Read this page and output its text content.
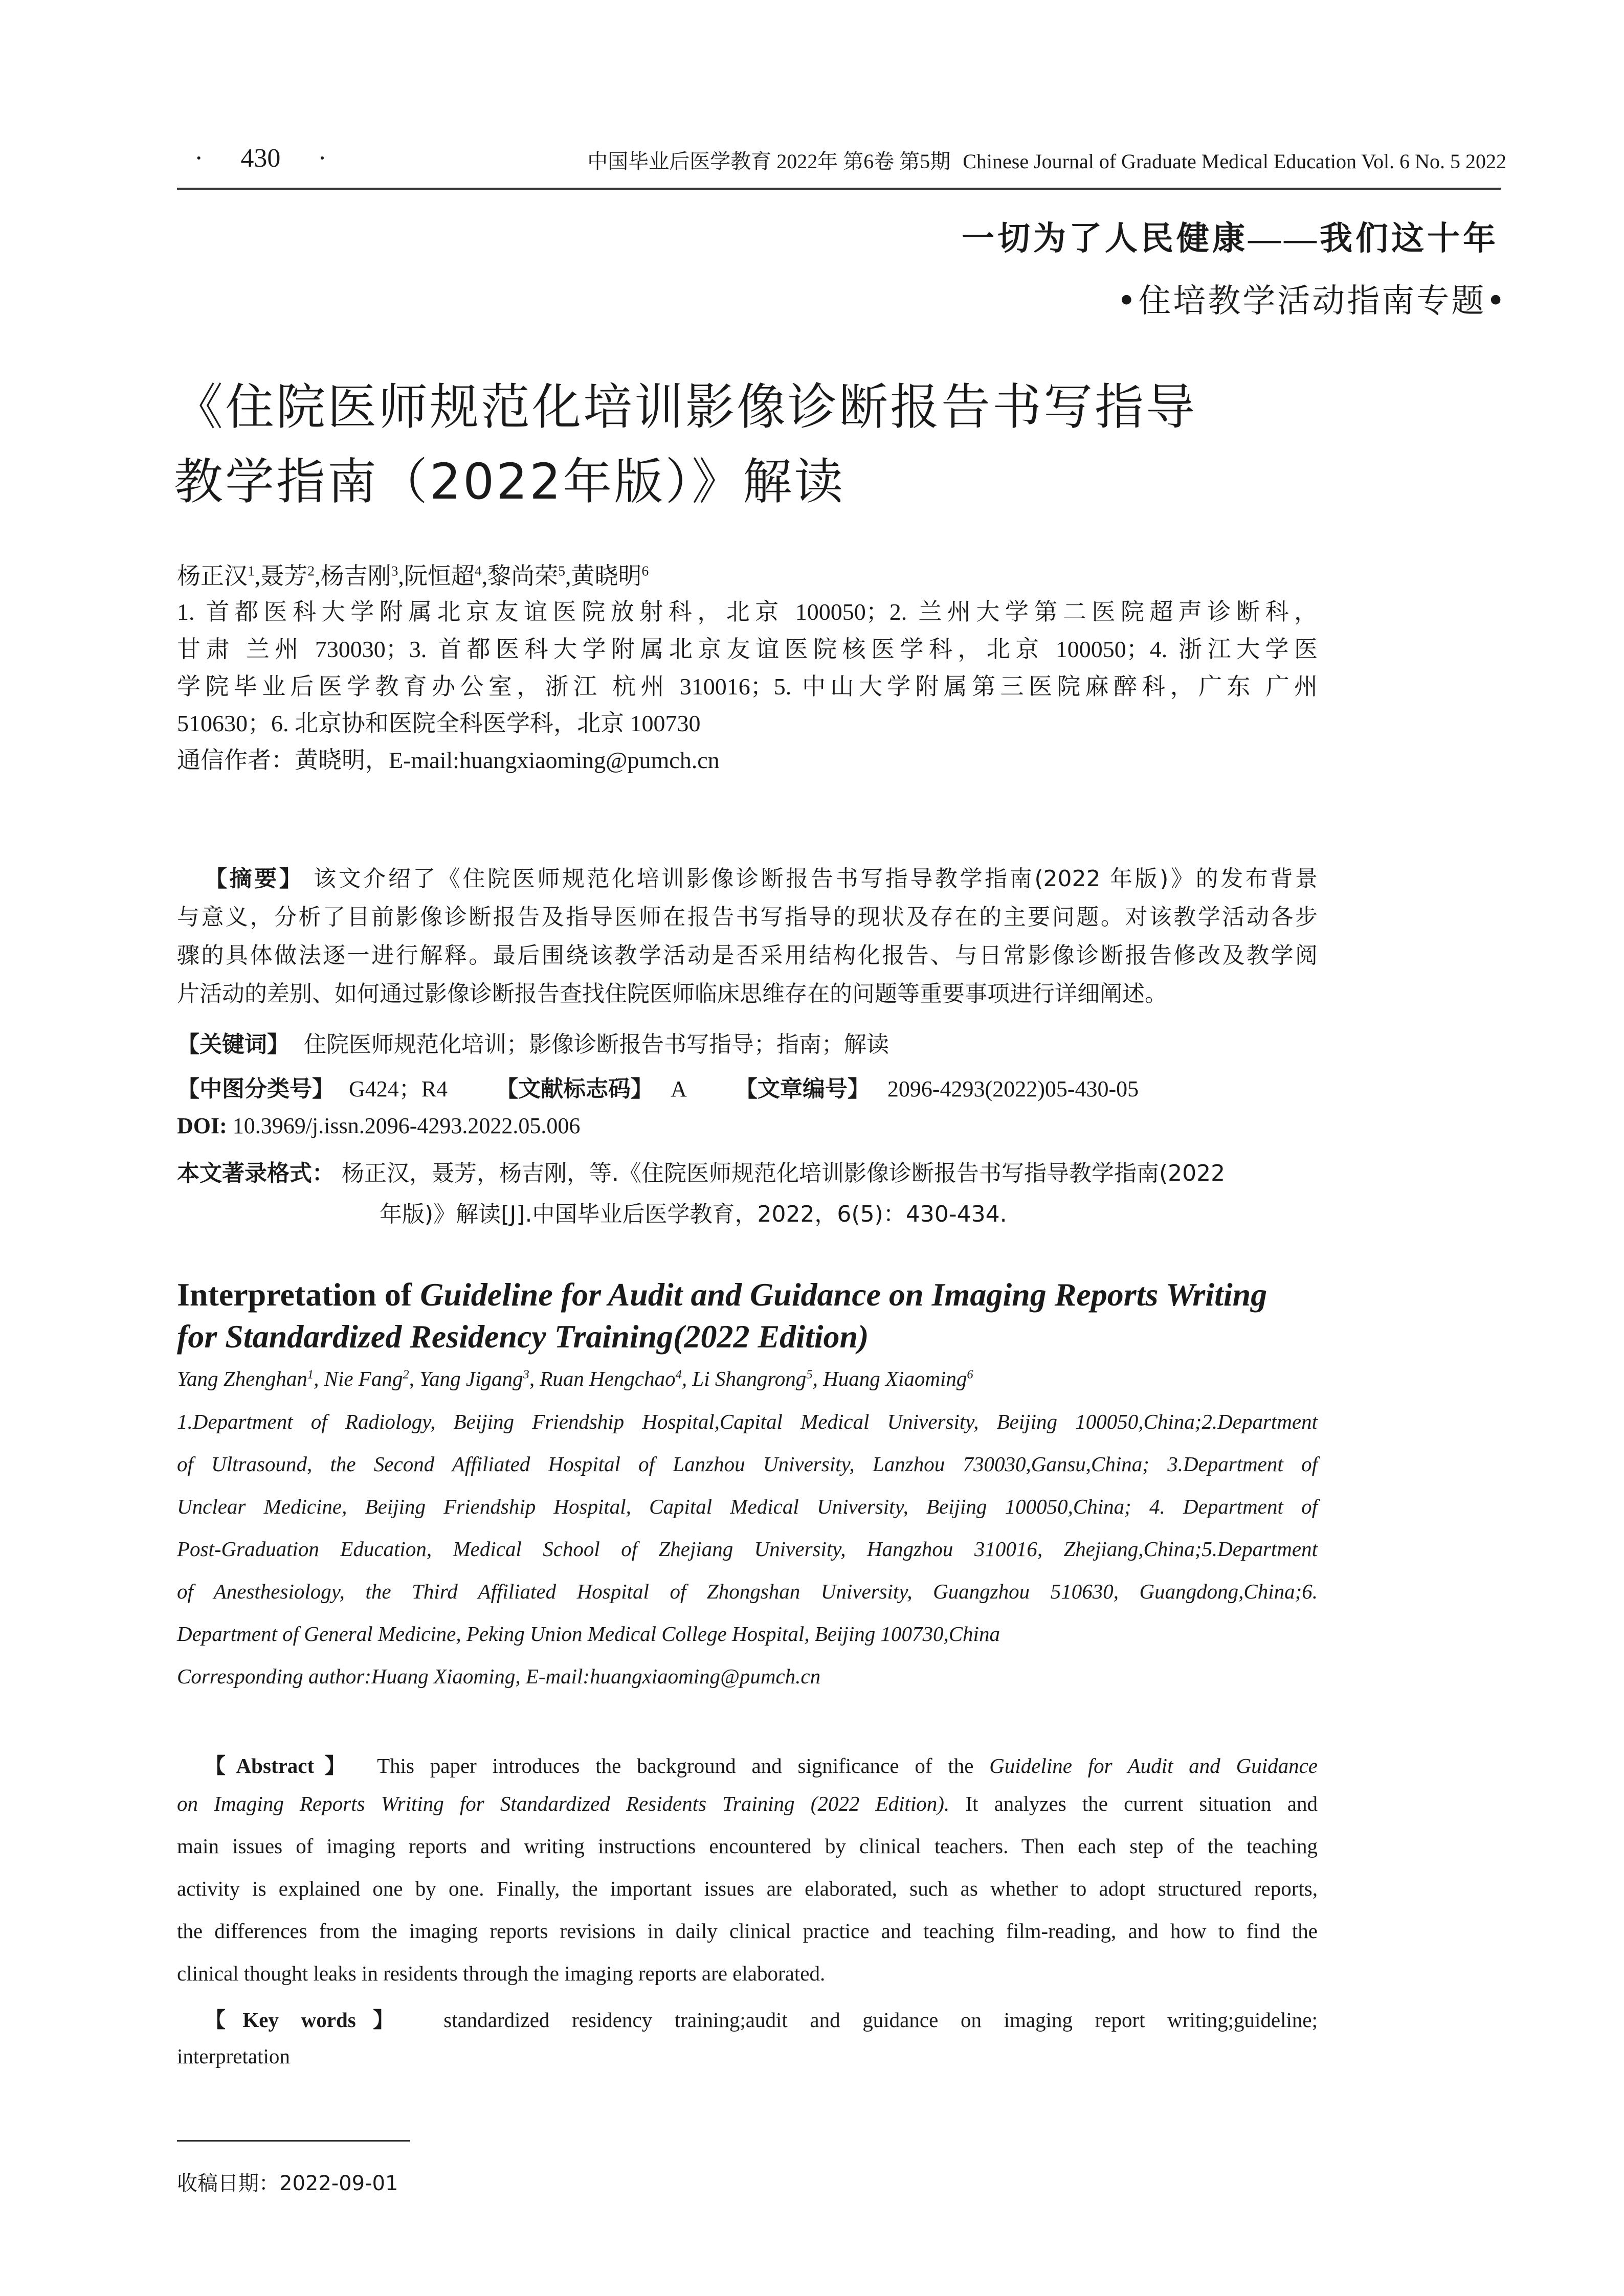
· 430 ·	中国毕业后医学教育 2022年 第6卷 第5期 Chinese Journal of Graduate Medical Education Vol. 6 No. 5 2022
一切为了人民健康——我们这十年
•住培教学活动指南专题•
《住院医师规范化培训影像诊断报告书写指导
教学指南（2022年版）》解读
杨正汉$^1$,聂芳$^2$,杨吉刚$^3$,阮恒超$^4$,黎尚荣$^5$,黄晓明$^6$
1. 首都医科大学附属北京友谊医院放射科，北京 100050；2. 兰州大学第二医院超声诊断科，
甘肃 兰州 730030；3. 首都医科大学附属北京友谊医院核医学科，北京 100050；4. 浙江大学医
学院毕业后医学教育办公室，浙江 杭州 310016；5. 中山大学附属第三医院麻醉科，广东 广州
510630；6. 北京协和医院全科医学科，北京 100730
通信作者：黄晓明，E-mail:huangxiaoming@pumch.cn
【摘要】 该文介绍了《住院医师规范化培训影像诊断报告书写指导教学指南(2022 年版)》的发布背景
与意义，分析了目前影像诊断报告及指导医师在报告书写指导的现状及存在的主要问题。对该教学活动各步
骤的具体做法逐一进行解释。最后围绕该教学活动是否采用结构化报告、与日常影像诊断报告修改及教学阅
片活动的差别、如何通过影像诊断报告查找住院医师临床思维存在的问题等重要事项进行详细阐述。
【关键词】 住院医师规范化培训；影像诊断报告书写指导；指南；解读
【中图分类号】 G424；R4 【文献标志码】 A 【文章编号】 2096-4293(2022)05-430-05
DOI: 10.3969/j.issn.2096-4293.2022.05.006
本文著录格式： 杨正汉，聂芳，杨吉刚，等.《住院医师规范化培训影像诊断报告书写指导教学指南(2022
年版)》解读[J].中国毕业后医学教育，2022，6(5)：430-434.
Interpretation of Guideline for Audit and Guidance on Imaging Reports Writing
for Standardized Residency Training(2022 Edition)
Yang Zhenghan$^1$, Nie Fang$^2$, Yang Jigang$^3$, Ruan Hengchao$^4$, Li Shangrong$^5$, Huang Xiaoming$^6$
1.Department of Radiology, Beijing Friendship Hospital,Capital Medical University, Beijing 100050,China;2.Department
of Ultrasound, the Second Affiliated Hospital of Lanzhou University, Lanzhou 730030,Gansu,China; 3.Department of
Unclear Medicine, Beijing Friendship Hospital, Capital Medical University, Beijing 100050,China; 4. Department of
Post-Graduation Education, Medical School of Zhejiang University, Hangzhou 310016, Zhejiang,China;5.Department
of Anesthesiology, the Third Affiliated Hospital of Zhongshan University, Guangzhou 510630, Guangdong,China;6.
Department of General Medicine, Peking Union Medical College Hospital, Beijing 100730,China
Corresponding author:Huang Xiaoming, E-mail:huangxiaoming@pumch.cn
【Abstract】 This paper introduces the background and significance of the Guideline for Audit and Guidance
on Imaging Reports Writing for Standardized Residents Training (2022 Edition). It analyzes the current situation and
main issues of imaging reports and writing instructions encountered by clinical teachers. Then each step of the teaching
activity is explained one by one. Finally, the important issues are elaborated, such as whether to adopt structured reports,
the differences from the imaging reports revisions in daily clinical practice and teaching film-reading, and how to find the
clinical thought leaks in residents through the imaging reports are elaborated.
【Key words】 standardized residency training;audit and guidance on imaging report writing;guideline;
interpretation
收稿日期：2022-09-01
